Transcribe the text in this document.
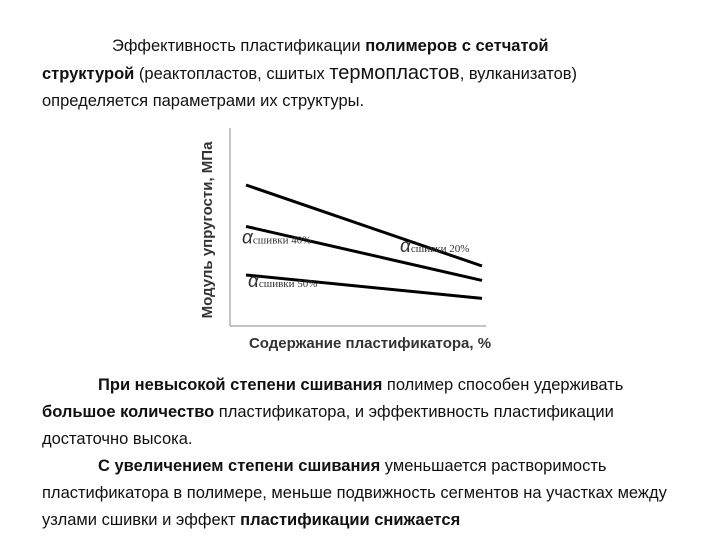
Эффективность пластификации полимеров с сетчатой
структурой (реактопластов, сшитых термопластов, вулканизатов)
определяется параметрами их структуры.

Модуль упругости, МПа
Содержание пластификатора, %
αсшивки 20%
αсшивки 40%
αсшивки 50%

При невысокой степени сшивания полимер способен удерживать большое количество пластификатора, и эффективность пластификации достаточно высока.
С увеличением степени сшивания уменьшается растворимость пластификатора в полимере, меньше подвижность сегментов на участках между узлами сшивки и эффект пластификации снижается
